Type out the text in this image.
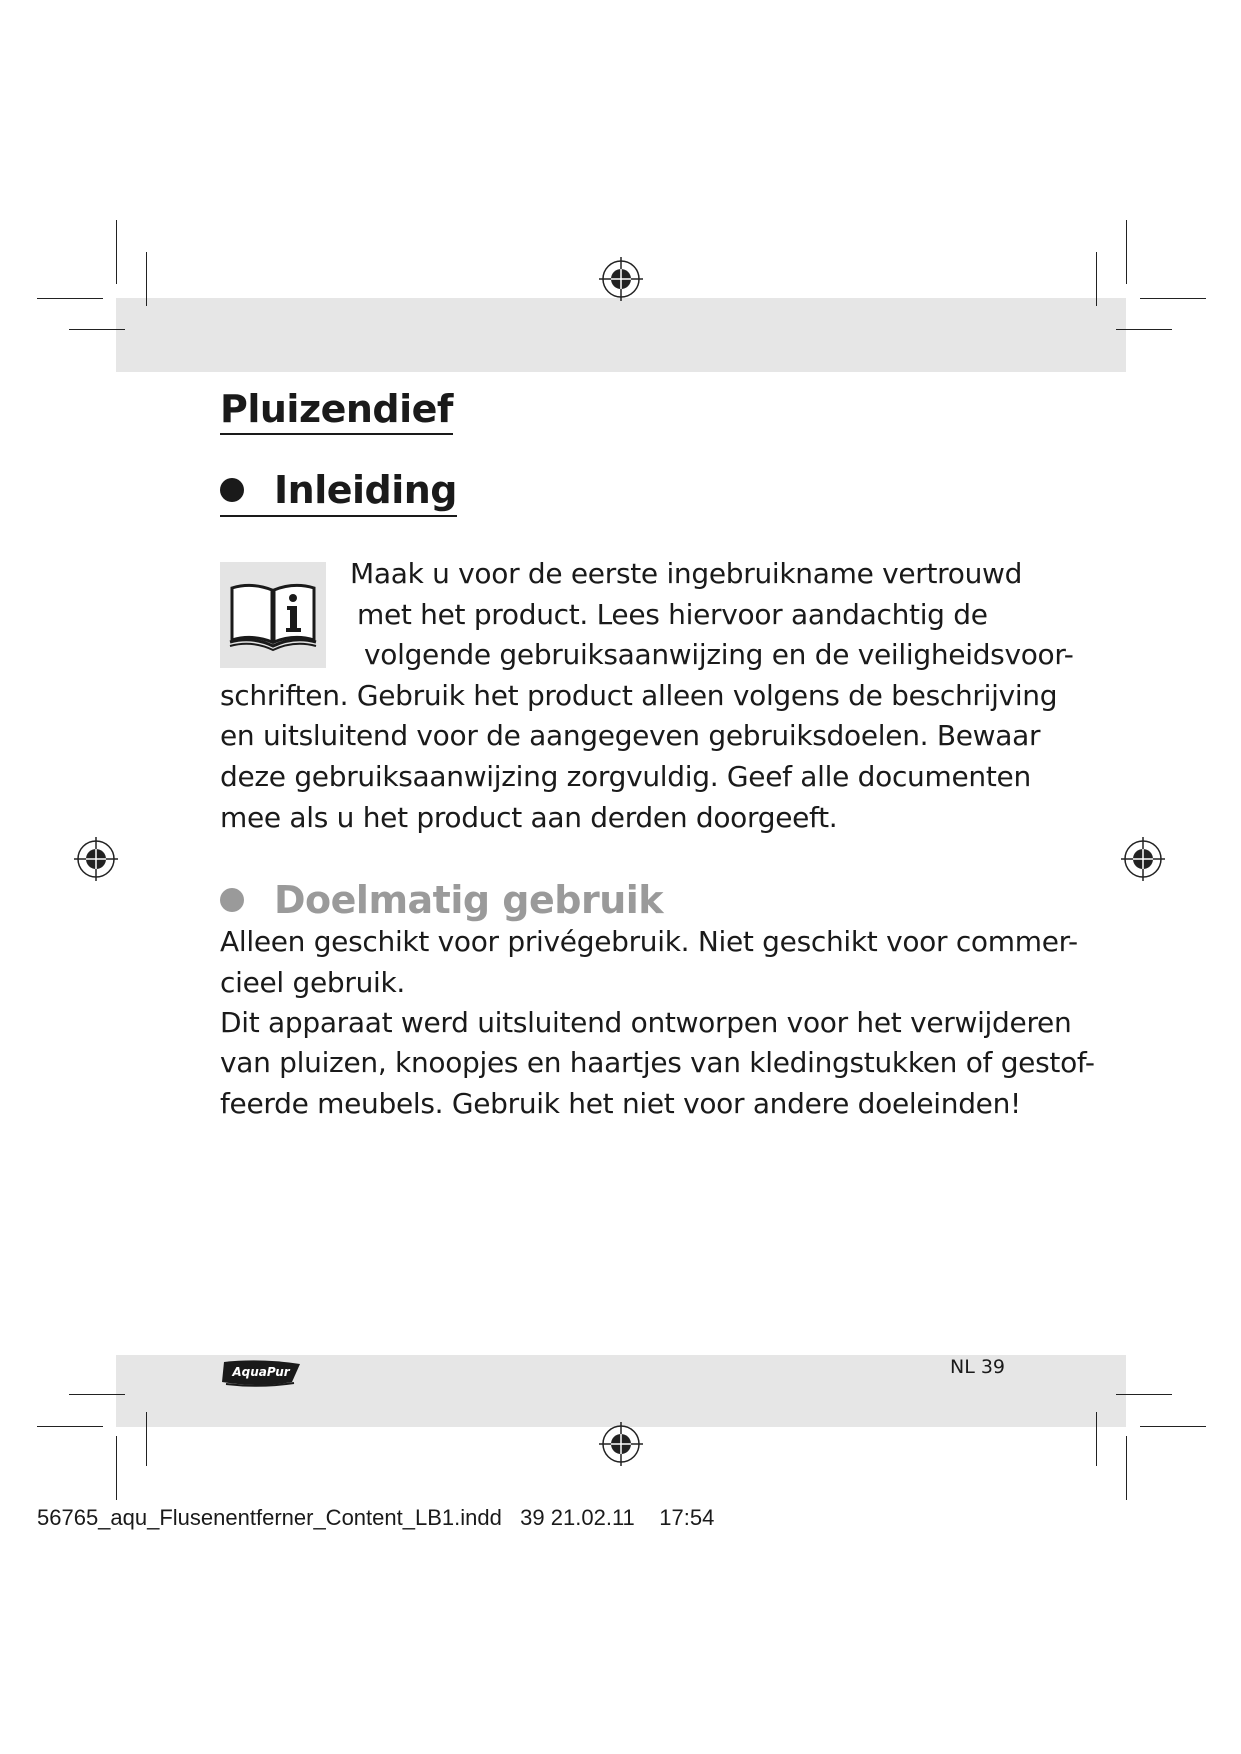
Pluizendief
Inleiding
Maak u voor de eerste ingebruikname vertrouwd
met het product. Lees hiervoor aandachtig de
volgende gebruiksaanwijzing en de veiligheidsvoor-
schriften. Gebruik het product alleen volgens de beschrijving
en uitsluitend voor de aangegeven gebruiksdoelen. Bewaar
deze gebruiksaanwijzing zorgvuldig. Geef alle documenten
mee als u het product aan derden doorgeeft.
Doelmatig gebruik
Alleen geschikt voor privégebruik. Niet geschikt voor commer-
cieel gebruik.
Dit apparaat werd uitsluitend ontworpen voor het verwijderen
van pluizen, knoopjes en haartjes van kledingstukken of gestof-
feerde meubels. Gebruik het niet voor andere doeleinden!
AquaPur	NL 39
56765_aqu_Flusenentferner_Content_LB1.indd 39 21.02.11 17:54
